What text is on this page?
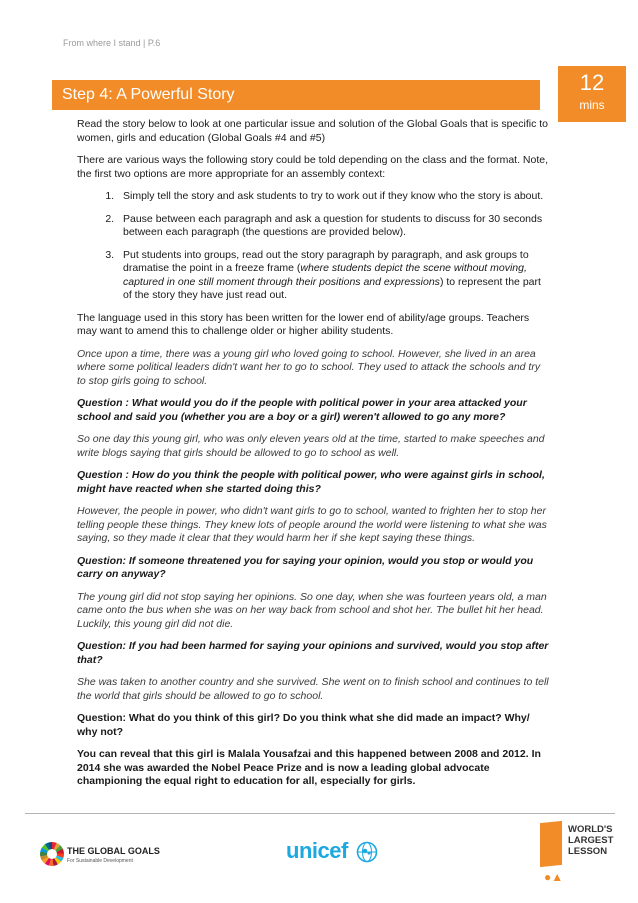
From where I stand | P.6
Step 4: A Powerful Story	12
mins

Read the story below to look at one particular issue and solution of the Global Goals that is specific to women, girls and education (Global Goals #4 and #5)

There are various ways the following story could be told depending on the class and the format. Note, the first two options are more appropriate for an assembly context:

1. Simply tell the story and ask students to try to work out if they know who the story is about.
2. Pause between each paragraph and ask a question for students to discuss for 30 seconds between each paragraph (the questions are provided below).
3. Put students into groups, read out the story paragraph by paragraph, and ask groups to dramatise the point in a freeze frame (where students depict the scene without moving, captured in one still moment through their positions and expressions) to represent the part of the story they have just read out.

The language used in this story has been written for the lower end of ability/age groups. Teachers may want to amend this to challenge older or higher ability students.

Once upon a time, there was a young girl who loved going to school. However, she lived in an area where some political leaders didn't want her to go to school. They used to attack the schools and try to stop girls going to school.

Question : What would you do if the people with political power in your area attacked your school and said you (whether you are a boy or a girl) weren't allowed to go any more?

So one day this young girl, who was only eleven years old at the time, started to make speeches and write blogs saying that girls should be allowed to go to school as well.

Question : How do you think the people with political power, who were against girls in school, might have reacted when she started doing this?

However, the people in power, who didn't want girls to go to school, wanted to frighten her to stop her telling people these things. They knew lots of people around the world were listening to what she was saying, so they made it clear that they would harm her if she kept saying these things.

Question: If someone threatened you for saying your opinion, would you stop or would you carry on anyway?

The young girl did not stop saying her opinions. So one day, when she was fourteen years old, a man came onto the bus when she was on her way back from school and shot her. The bullet hit her head. Luckily, this young girl did not die.

Question: If you had been harmed for saying your opinions and survived, would you stop after that?

She was taken to another country and she survived. She went on to finish school and continues to tell the world that girls should be allowed to go to school.

Question: What do you think of this girl? Do you think what she did made an impact? Why/ why not?

You can reveal that this girl is Malala Yousafzai and this happened between 2008 and 2012. In 2014 she was awarded the Nobel Peace Prize and is now a leading global advocate championing the equal right to education for all, especially for girls.

THE GLOBAL GOALS
For Sustainable Development	unicef
WORLD'S
LARGEST
LESSON
●▲
